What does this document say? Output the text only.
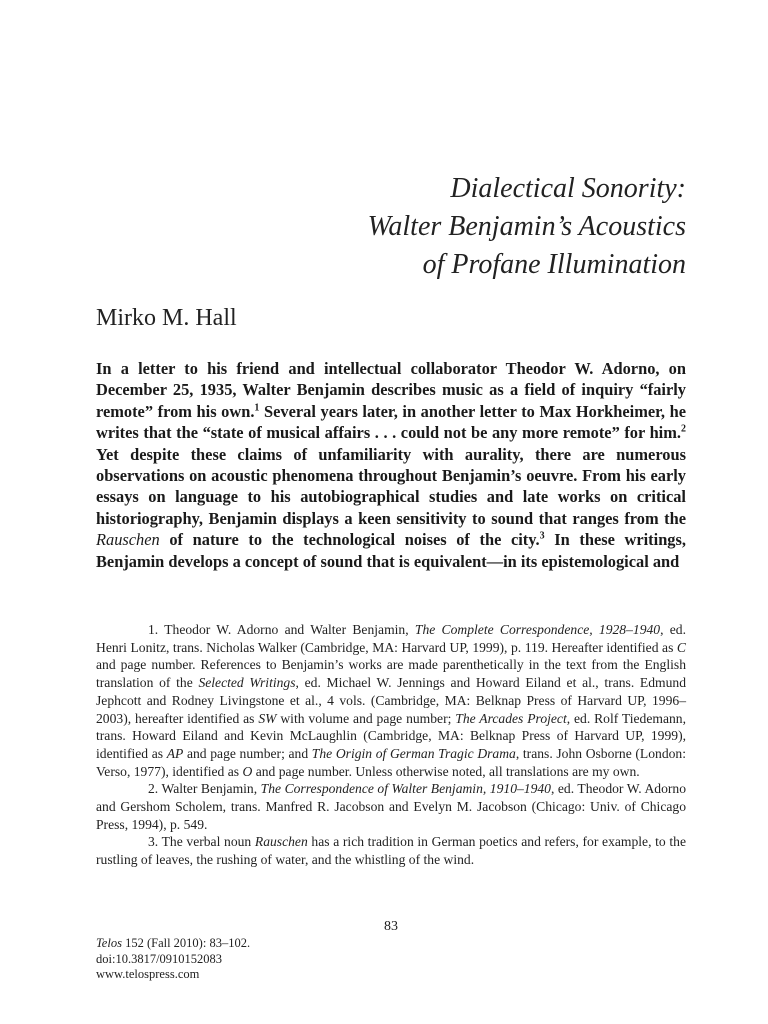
Dialectical Sonority:
Walter Benjamin’s Acoustics
of Profane Illumination
Mirko M. Hall

In a letter to his friend and intellectual collaborator Theodor W. Adorno, on December 25, 1935, Walter Benjamin describes music as a field of inquiry “fairly remote” from his own.$^1$ Several years later, in another letter to Max Horkheimer, he writes that the “state of musical affairs . . . could not be any more remote” for him.$^2$ Yet despite these claims of unfamiliarity with aurality, there are numerous observations on acoustic phenomena throughout Benjamin’s oeuvre. From his early essays on language to his autobiographical studies and late works on critical historiography, Benjamin displays a keen sensitivity to sound that ranges from the Rauschen of nature to the technological noises of the city.$^3$ In these writings, Benjamin develops a concept of sound that is equivalent—in its epistemological and

1. Theodor W. Adorno and Walter Benjamin, The Complete Correspondence, 1928–1940, ed. Henri Lonitz, trans. Nicholas Walker (Cambridge, MA: Harvard UP, 1999), p. 119. Hereafter identified as C and page number. References to Benjamin’s works are made parenthetically in the text from the English translation of the Selected Writings, ed. Michael W. Jennings and Howard Eiland et al., trans. Edmund Jephcott and Rodney Livingstone et al., 4 vols. (Cambridge, MA: Belknap Press of Harvard UP, 1996–2003), hereafter identified as SW with volume and page number; The Arcades Project, ed. Rolf Tiedemann, trans. Howard Eiland and Kevin McLaughlin (Cambridge, MA: Belknap Press of Harvard UP, 1999), identified as AP and page number; and The Origin of German Tragic Drama, trans. John Osborne (London: Verso, 1977), identified as O and page number. Unless otherwise noted, all translations are my own.

2. Walter Benjamin, The Correspondence of Walter Benjamin, 1910–1940, ed. Theodor W. Adorno and Gershom Scholem, trans. Manfred R. Jacobson and Evelyn M. Jacobson (Chicago: Univ. of Chicago Press, 1994), p. 549.

3. The verbal noun Rauschen has a rich tradition in German poetics and refers, for example, to the rustling of leaves, the rushing of water, and the whistling of the wind.

83
Telos 152 (Fall 2010): 83–102.
doi:10.3817/0910152083
www.telospress.com
